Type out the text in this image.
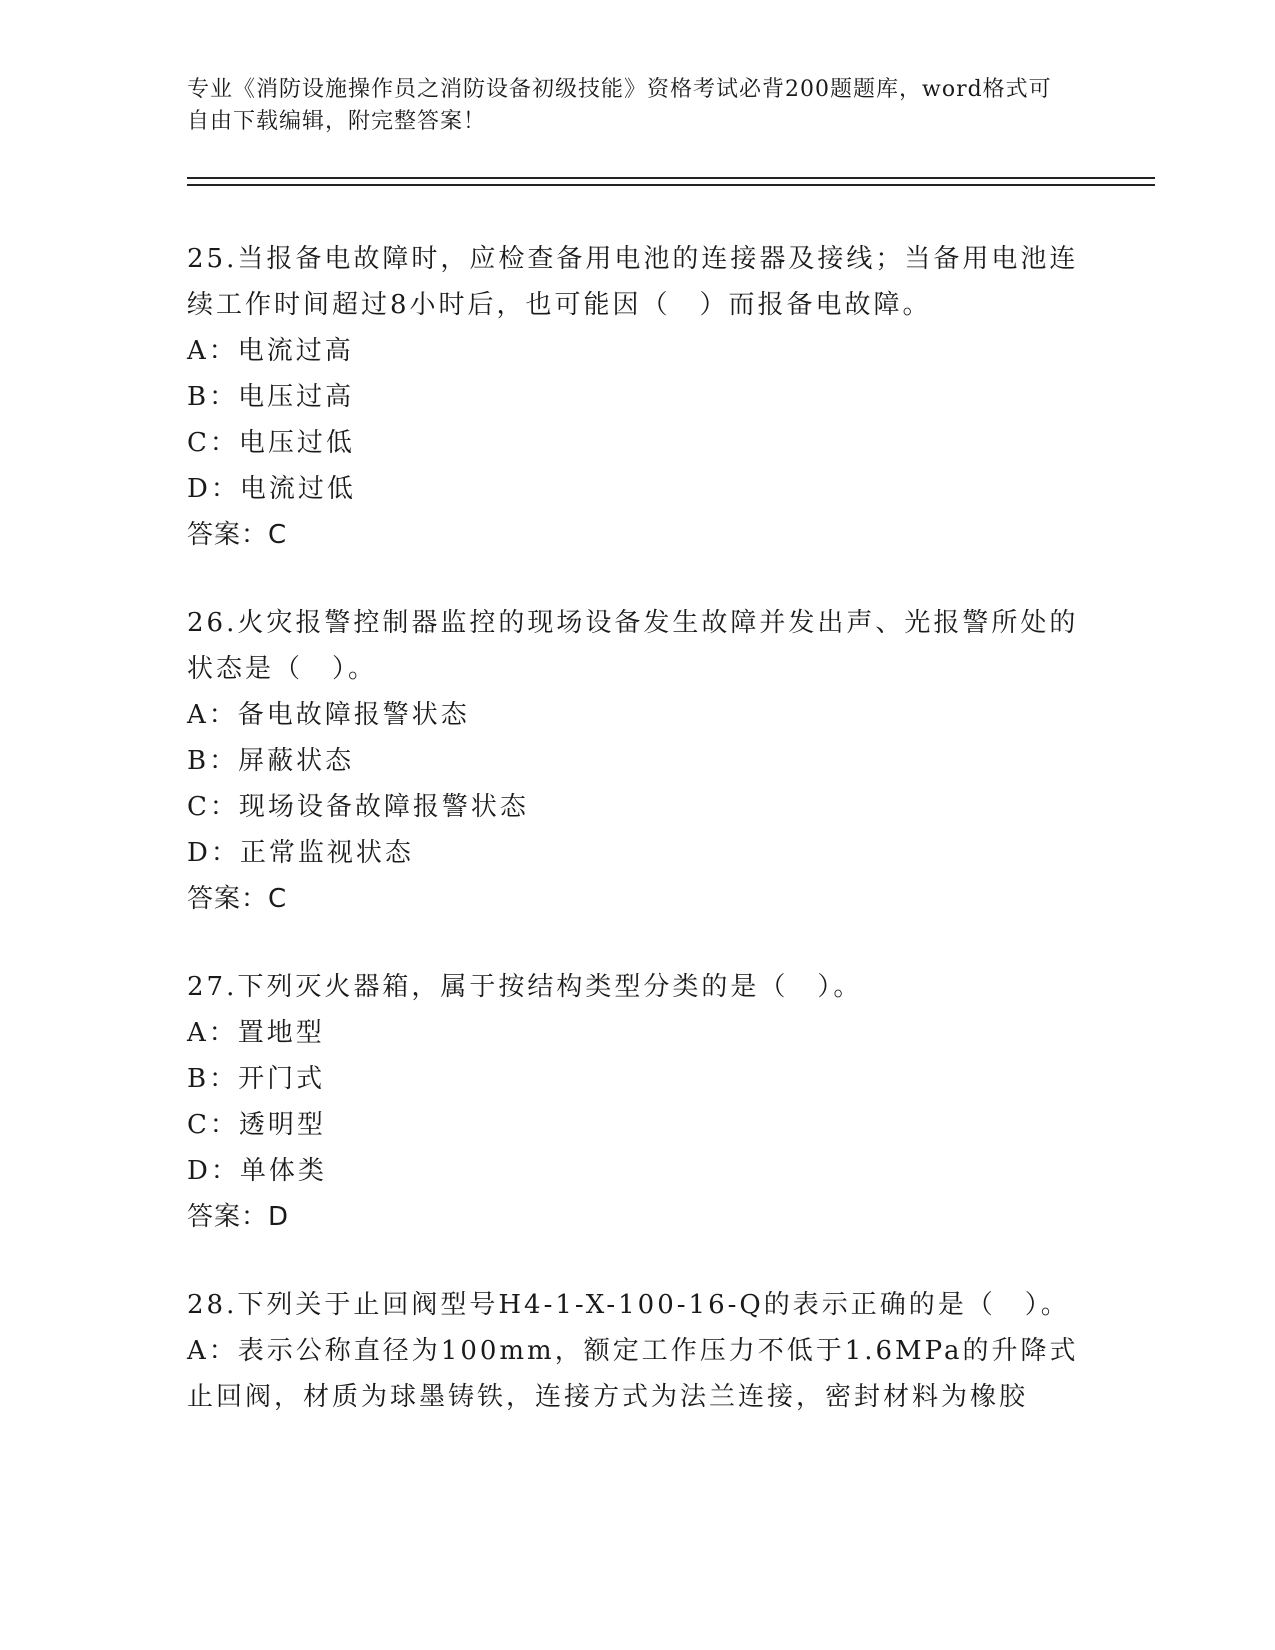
专业《消防设施操作员之消防设备初级技能》资格考试必背200题题库，word格式可自由下载编辑，附完整答案！
25.当报备电故障时，应检查备用电池的连接器及接线；当备用电池连续工作时间超过8小时后，也可能因（　）而报备电故障。
A：电流过高
B：电压过高
C：电压过低
D：电流过低
答案：C
26.火灾报警控制器监控的现场设备发生故障并发出声、光报警所处的状态是（　）。
A：备电故障报警状态
B：屏蔽状态
C：现场设备故障报警状态
D：正常监视状态
答案：C
27.下列灭火器箱，属于按结构类型分类的是（　）。
A：置地型
B：开门式
C：透明型
D：单体类
答案：D
28.下列关于止回阀型号H4-1-X-100-16-Q的表示正确的是（　）。
A：表示公称直径为100mm，额定工作压力不低于1.6MPa的升降式止回阀，材质为球墨铸铁，连接方式为法兰连接，密封材料为橡胶
